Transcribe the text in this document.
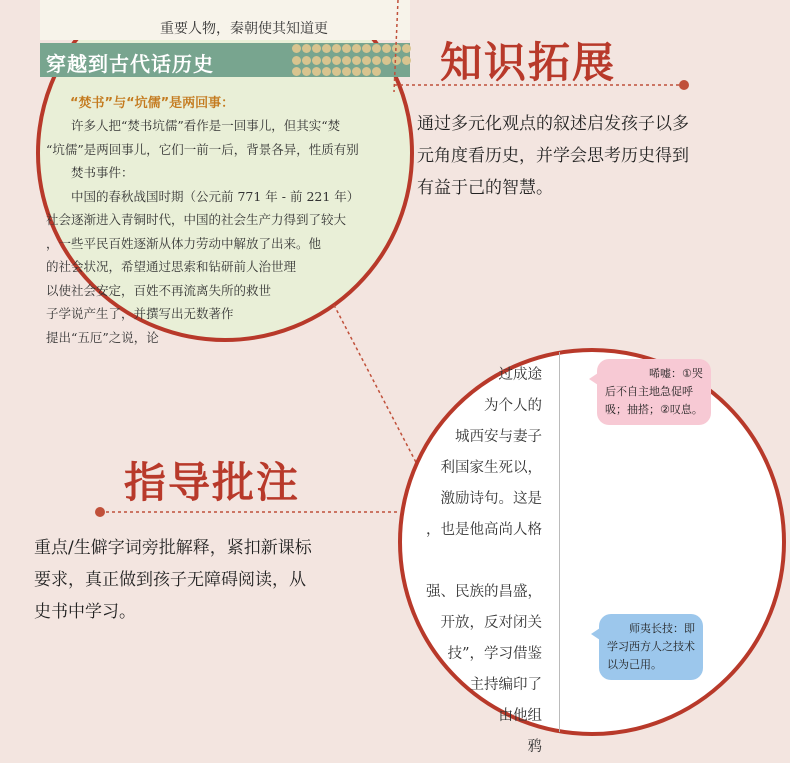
重要人物，秦朝使其知道更
穿越到古代话历史
“焚书”与“坑儒”是两回事：
　　许多人把“焚书坑儒”看作是一回事儿，但其实“焚
“坑儒”是两回事儿，它们一前一后，背景各异，性质有别
　　焚书事件：
　　中国的春秋战国时期（公元前 771 年 - 前 221 年）
社会逐渐进入青铜时代，中国的社会生产力得到了较大
，一些平民百姓逐渐从体力劳动中解放了出来。他
的社会状况，希望通过思索和钻研前人治世理
以使社会安定，百姓不再流离失所的救世
子学说产生了，并撰写出无数著作
提出“五厄”之说，论
知识拓展
通过多元化观点的叙述启发孩子以多
元角度看历史，并学会思考历史得到
有益于己的智慧。
指导批注
重点/生僻字词旁批解释，紧扣新课标
要求，真正做到孩子无障碍阅读，从
史书中学习。
过成途
为个人的
城西安与妻子
利国家生死以，
激励诗句。这是
，也是他高尚人格
强、民族的昌盛，
开放，反对闭关
技”，学习借鉴
主持编印了
由他组
鸦
唏嘘：①哭
后不自主地急促呼
吸；抽搭；②叹息。
师夷长技：即
学习西方人之技术
以为己用。
